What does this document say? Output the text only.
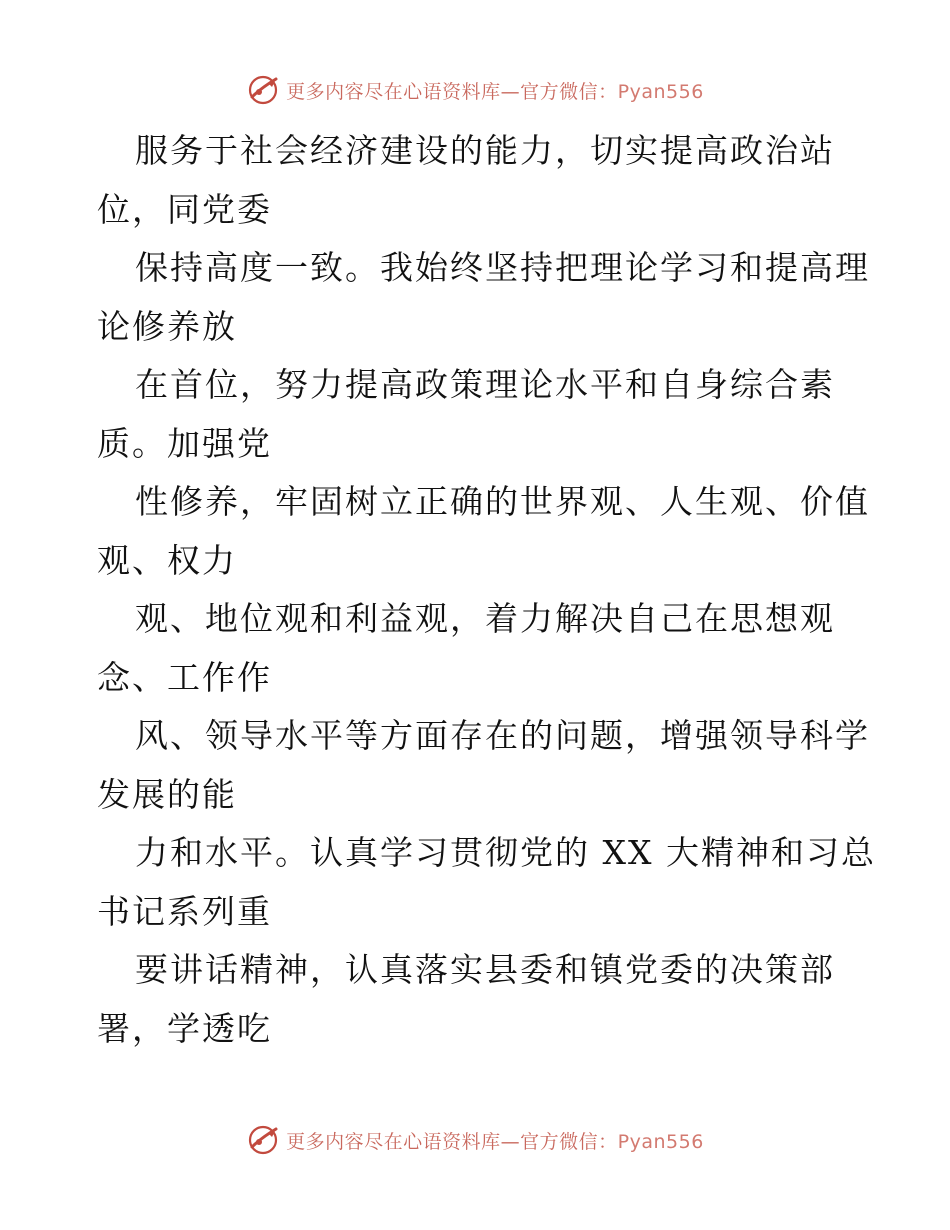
更多内容尽在心语资料库—官方微信：Pyan556
服务于社会经济建设的能力，切实提高政治站
位，同党委
保持高度一致。我始终坚持把理论学习和提高理
论修养放
在首位，努力提高政策理论水平和自身综合素
质。加强党
性修养，牢固树立正确的世界观、人生观、价值
观、权力
观、地位观和利益观，着力解决自己在思想观
念、工作作
风、领导水平等方面存在的问题，增强领导科学
发展的能
力和水平。认真学习贯彻党的 XX 大精神和习总
书记系列重
要讲话精神，认真落实县委和镇党委的决策部
署，学透吃
更多内容尽在心语资料库—官方微信：Pyan556
